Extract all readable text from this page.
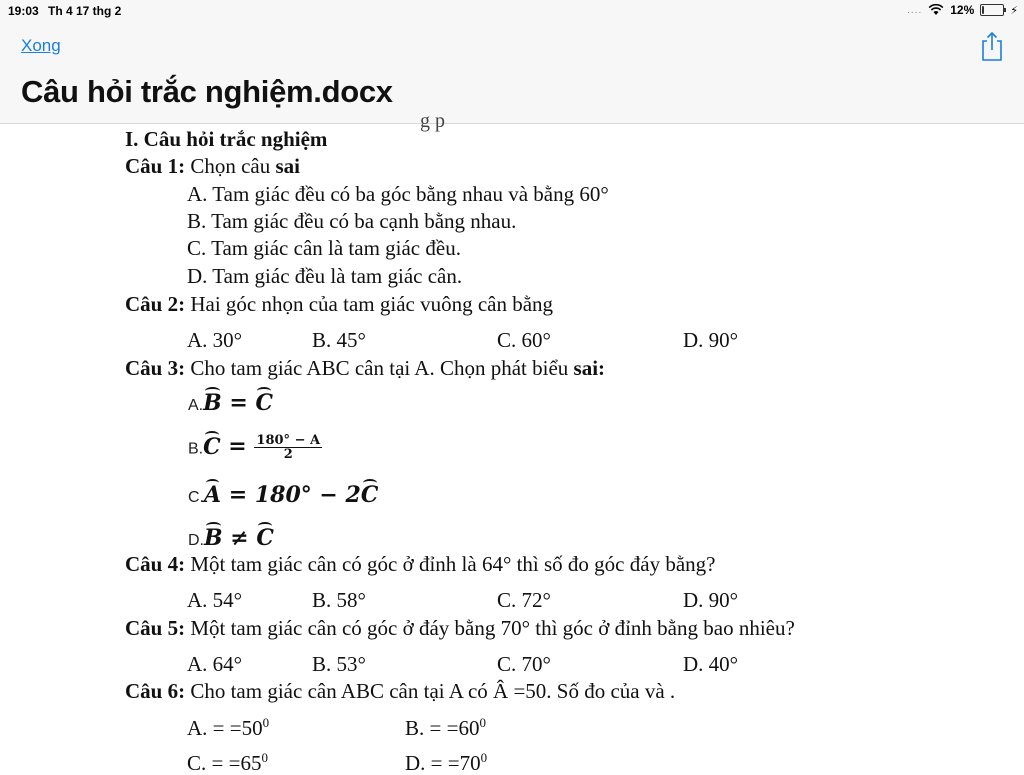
19:03 Th 4 17 thg 2	.... 12%	⚡
Xong
Câu hỏi trắc nghiệm.docx
g p
I. Câu hỏi trắc nghiệm
Câu 1: Chọn câu sai
A. Tam giác đều có ba góc bằng nhau và bằng 60°
B. Tam giác đều có ba cạnh bằng nhau.
C. Tam giác cân là tam giác đều.
D. Tam giác đều là tam giác cân.
Câu 2: Hai góc nhọn của tam giác vuông cân bằng
A. 30°	B. 45°	C. 60°	D. 90°
Câu 3: Cho tam giác ABC cân tại A. Chọn phát biểu sai:
A.B = C
$B.C = \frac{180^\circ - A}{2}$
C.A = 180° − 2C
D.B ≠ C
Câu 4: Một tam giác cân có góc ở đỉnh là 64° thì số đo góc đáy bằng?
A. 54°	B. 58°	C. 72°	D. 90°
Câu 5: Một tam giác cân có góc ở đáy bằng 70° thì góc ở đỉnh bằng bao nhiêu?
A. 64°	B. 53°	C. 70°	D. 40°
Câu 6: Cho tam giác cân ABC cân tại A có Â =50. Số đo của và .
A. = $=50^0$	B. = $=60^0$
C. = $=65^0$	D. = $=70^0$
